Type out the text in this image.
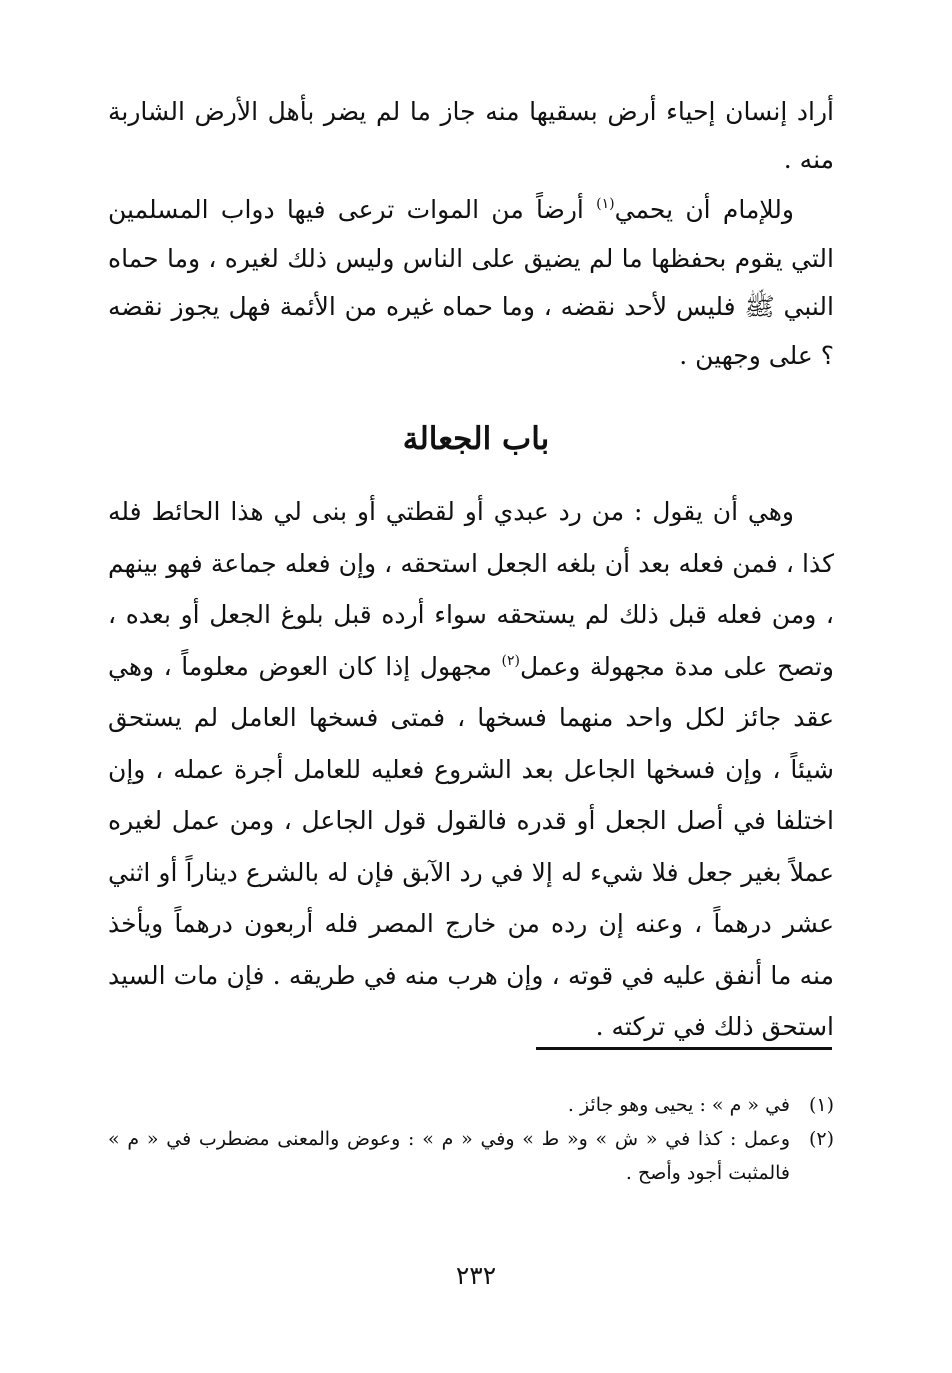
أراد إنسان إحياء أرض بسقيها منه جاز ما لم يضر بأهل الأرض الشاربة منه .

وللإمام أن يحمي$^{(١)}$ أرضاً من الموات ترعى فيها دواب المسلمين التي يقوم بحفظها ما لم يضيق على الناس وليس ذلك لغيره ، وما حماه النبي ﷺ فليس لأحد نقضه ، وما حماه غيره من الأئمة فهل يجوز نقضه ؟ على وجهين .

باب الجعالة

وهي أن يقول : من رد عبدي أو لقطتي أو بنى لي هذا الحائط فله كذا ، فمن فعله بعد أن بلغه الجعل استحقه ، وإن فعله جماعة فهو بينهم ، ومن فعله قبل ذلك لم يستحقه سواء أرده قبل بلوغ الجعل أو بعده ، وتصح على مدة مجهولة وعمل$^{(٢)}$ مجهول إذا كان العوض معلوماً ، وهي عقد جائز لكل واحد منهما فسخها ، فمتى فسخها العامل لم يستحق شيئاً ، وإن فسخها الجاعل بعد الشروع فعليه للعامل أجرة عمله ، وإن اختلفا في أصل الجعل أو قدره فالقول قول الجاعل ، ومن عمل لغيره عملاً بغير جعل فلا شيء له إلا في رد الآبق فإن له بالشرع ديناراً أو اثني عشر درهماً ، وعنه إن رده من خارج المصر فله أربعون درهماً ويأخذ منه ما أنفق عليه في قوته ، وإن هرب منه في طريقه . فإن مات السيد استحق ذلك في تركته .

(١)
في « م » : يحيى وهو جائز .
(٢)
وعمل : كذا في « ش » و« ط » وفي « م » : وعوض والمعنى مضطرب في « م » فالمثبت أجود وأصح .
٢٣٢
